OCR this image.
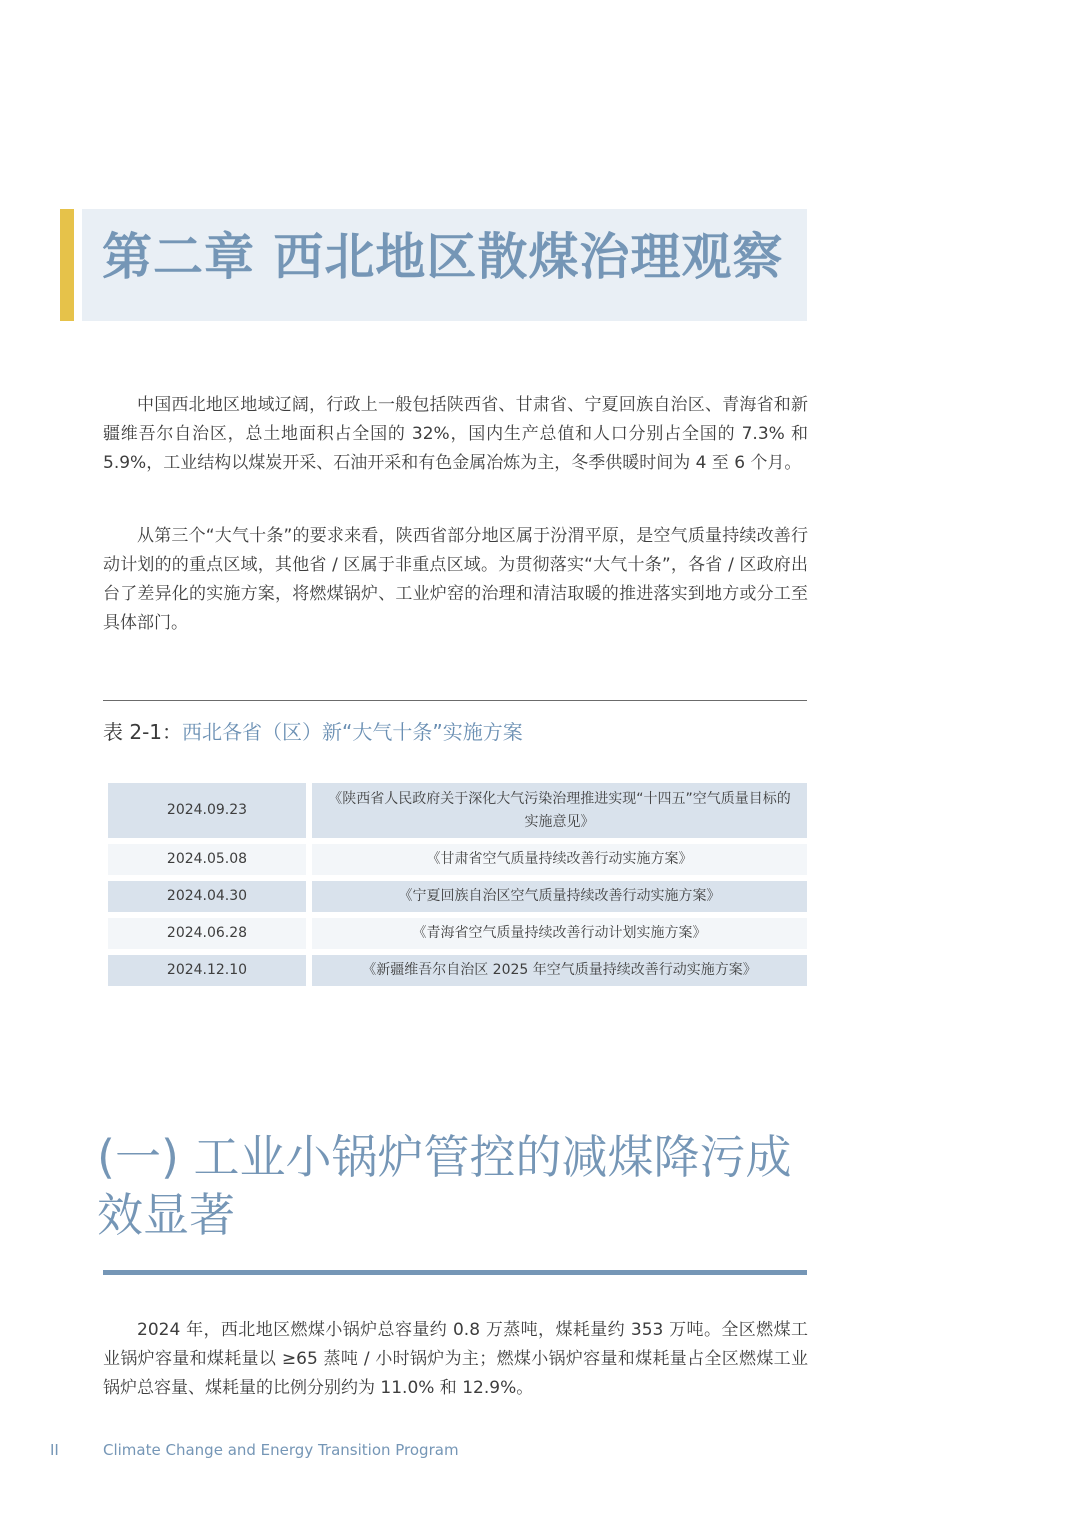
第二章 西北地区散煤治理观察

中国西北地区地域辽阔，行政上一般包括陕西省、甘肃省、宁夏回族自治区、青海省和新疆维吾尔自治区，总土地面积占全国的 32%，国内生产总值和人口分别占全国的 7.3% 和 5.9%，工业结构以煤炭开采、石油开采和有色金属冶炼为主，冬季供暖时间为 4 至 6 个月。

从第三个“大气十条”的要求来看，陕西省部分地区属于汾渭平原，是空气质量持续改善行动计划的的重点区域，其他省 / 区属于非重点区域。为贯彻落实“大气十条”，各省 / 区政府出台了差异化的实施方案，将燃煤锅炉、工业炉窑的治理和清洁取暖的推进落实到地方或分工至具体部门。

表 2-1：西北各省（区）新“大气十条”实施方案
2024.09.23
《陕西省人民政府关于深化大气污染治理推进实现“十四五”空气质量目标的实施意见》
2024.05.08	《甘肃省空气质量持续改善行动实施方案》
2024.04.30	《宁夏回族自治区空气质量持续改善行动实施方案》
2024.06.28	《青海省空气质量持续改善行动计划实施方案》
2024.12.10	《新疆维吾尔自治区 2025 年空气质量持续改善行动实施方案》
(一) 工业小锅炉管控的减煤降污成效显著

2024 年，西北地区燃煤小锅炉总容量约 0.8 万蒸吨，煤耗量约 353 万吨。全区燃煤工业锅炉容量和煤耗量以 ≥65 蒸吨 / 小时锅炉为主；燃煤小锅炉容量和煤耗量占全区燃煤工业锅炉总容量、煤耗量的比例分别约为 11.0% 和 12.9%。

II	Climate Change and Energy Transition Program
